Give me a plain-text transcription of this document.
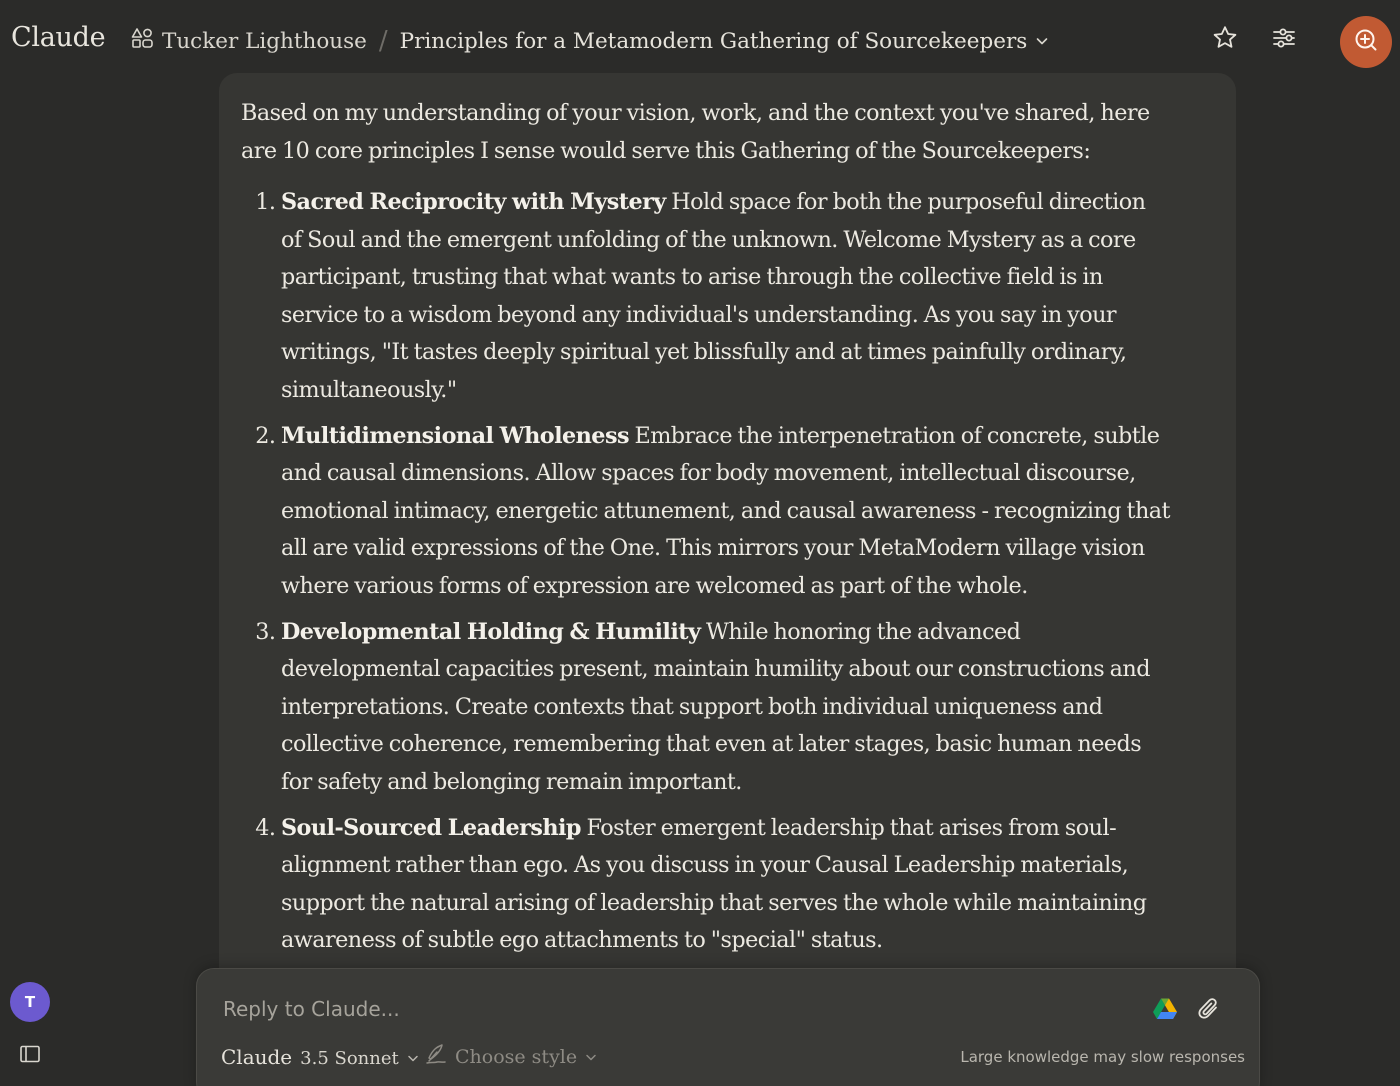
Claude	Tucker Lighthouse / Principles for a Metamodern Gathering of Sourcekeepers

Based on my understanding of your vision, work, and the context you've shared, here are 10 core principles I sense would serve this Gathering of the Sourcekeepers:

1. Sacred Reciprocity with Mystery Hold space for both the purposeful direction of Soul and the emergent unfolding of the unknown. Welcome Mystery as a core participant, trusting that what wants to arise through the collective field is in service to a wisdom beyond any individual's understanding. As you say in your writings, "It tastes deeply spiritual yet blissfully and at times painfully ordinary, simultaneously."
2. Multidimensional Wholeness Embrace the interpenetration of concrete, subtle and causal dimensions. Allow spaces for body movement, intellectual discourse, emotional intimacy, energetic attunement, and causal awareness - recognizing that all are valid expressions of the One. This mirrors your MetaModern village vision where various forms of expression are welcomed as part of the whole.
3. Developmental Holding & Humility While honoring the advanced developmental capacities present, maintain humility about our constructions and interpretations. Create contexts that support both individual uniqueness and collective coherence, remembering that even at later stages, basic human needs for safety and belonging remain important.
4. Soul-Sourced Leadership Foster emergent leadership that arises from soul-alignment rather than ego. As you discuss in your Causal Leadership materials, support the natural arising of leadership that serves the whole while maintaining awareness of subtle ego attachments to "special" status.
5.
Reply to Claude...
Claude 3.5 Sonnet	Choose style	Large knowledge may slow responses
T
